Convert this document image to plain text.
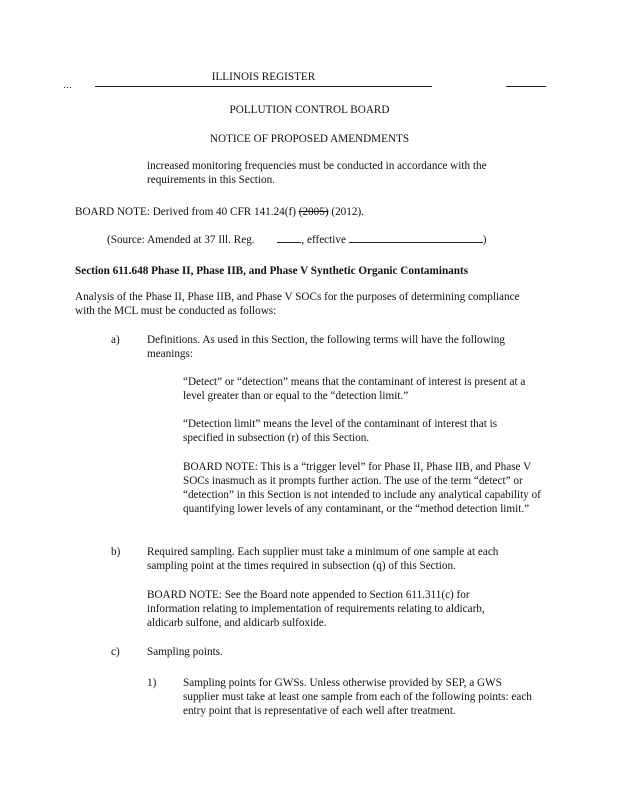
…
ILLINOIS REGISTER
POLLUTION CONTROL BOARD
NOTICE OF PROPOSED AMENDMENTS
increased monitoring frequencies must be conducted in accordance with the requirements in this Section.
BOARD NOTE: Derived from 40 CFR 141.24(f) (2005) (2012).
(Source: Amended at 37 Ill. Reg.	, effective	)
Section 611.648 Phase II, Phase IIB, and Phase V Synthetic Organic Contaminants
Analysis of the Phase II, Phase IIB, and Phase V SOCs for the purposes of determining compliance with the MCL must be conducted as follows:
a) Definitions. As used in this Section, the following terms will have the following meanings:
“Detect” or “detection” means that the contaminant of interest is present at a level greater than or equal to the “detection limit.”
“Detection limit” means the level of the contaminant of interest that is specified in subsection (r) of this Section.
BOARD NOTE: This is a “trigger level” for Phase II, Phase IIB, and Phase V SOCs inasmuch as it prompts further action. The use of the term “detect” or “detection” in this Section is not intended to include any analytical capability of quantifying lower levels of any contaminant, or the “method detection limit.”
b) Required sampling. Each supplier must take a minimum of one sample at each sampling point at the times required in subsection (q) of this Section.
BOARD NOTE: See the Board note appended to Section 611.311(c) for information relating to implementation of requirements relating to aldicarb, aldicarb sulfone, and aldicarb sulfoxide.
c) Sampling points.
1) Sampling points for GWSs. Unless otherwise provided by SEP, a GWS supplier must take at least one sample from each of the following points: each entry point that is representative of each well after treatment.
